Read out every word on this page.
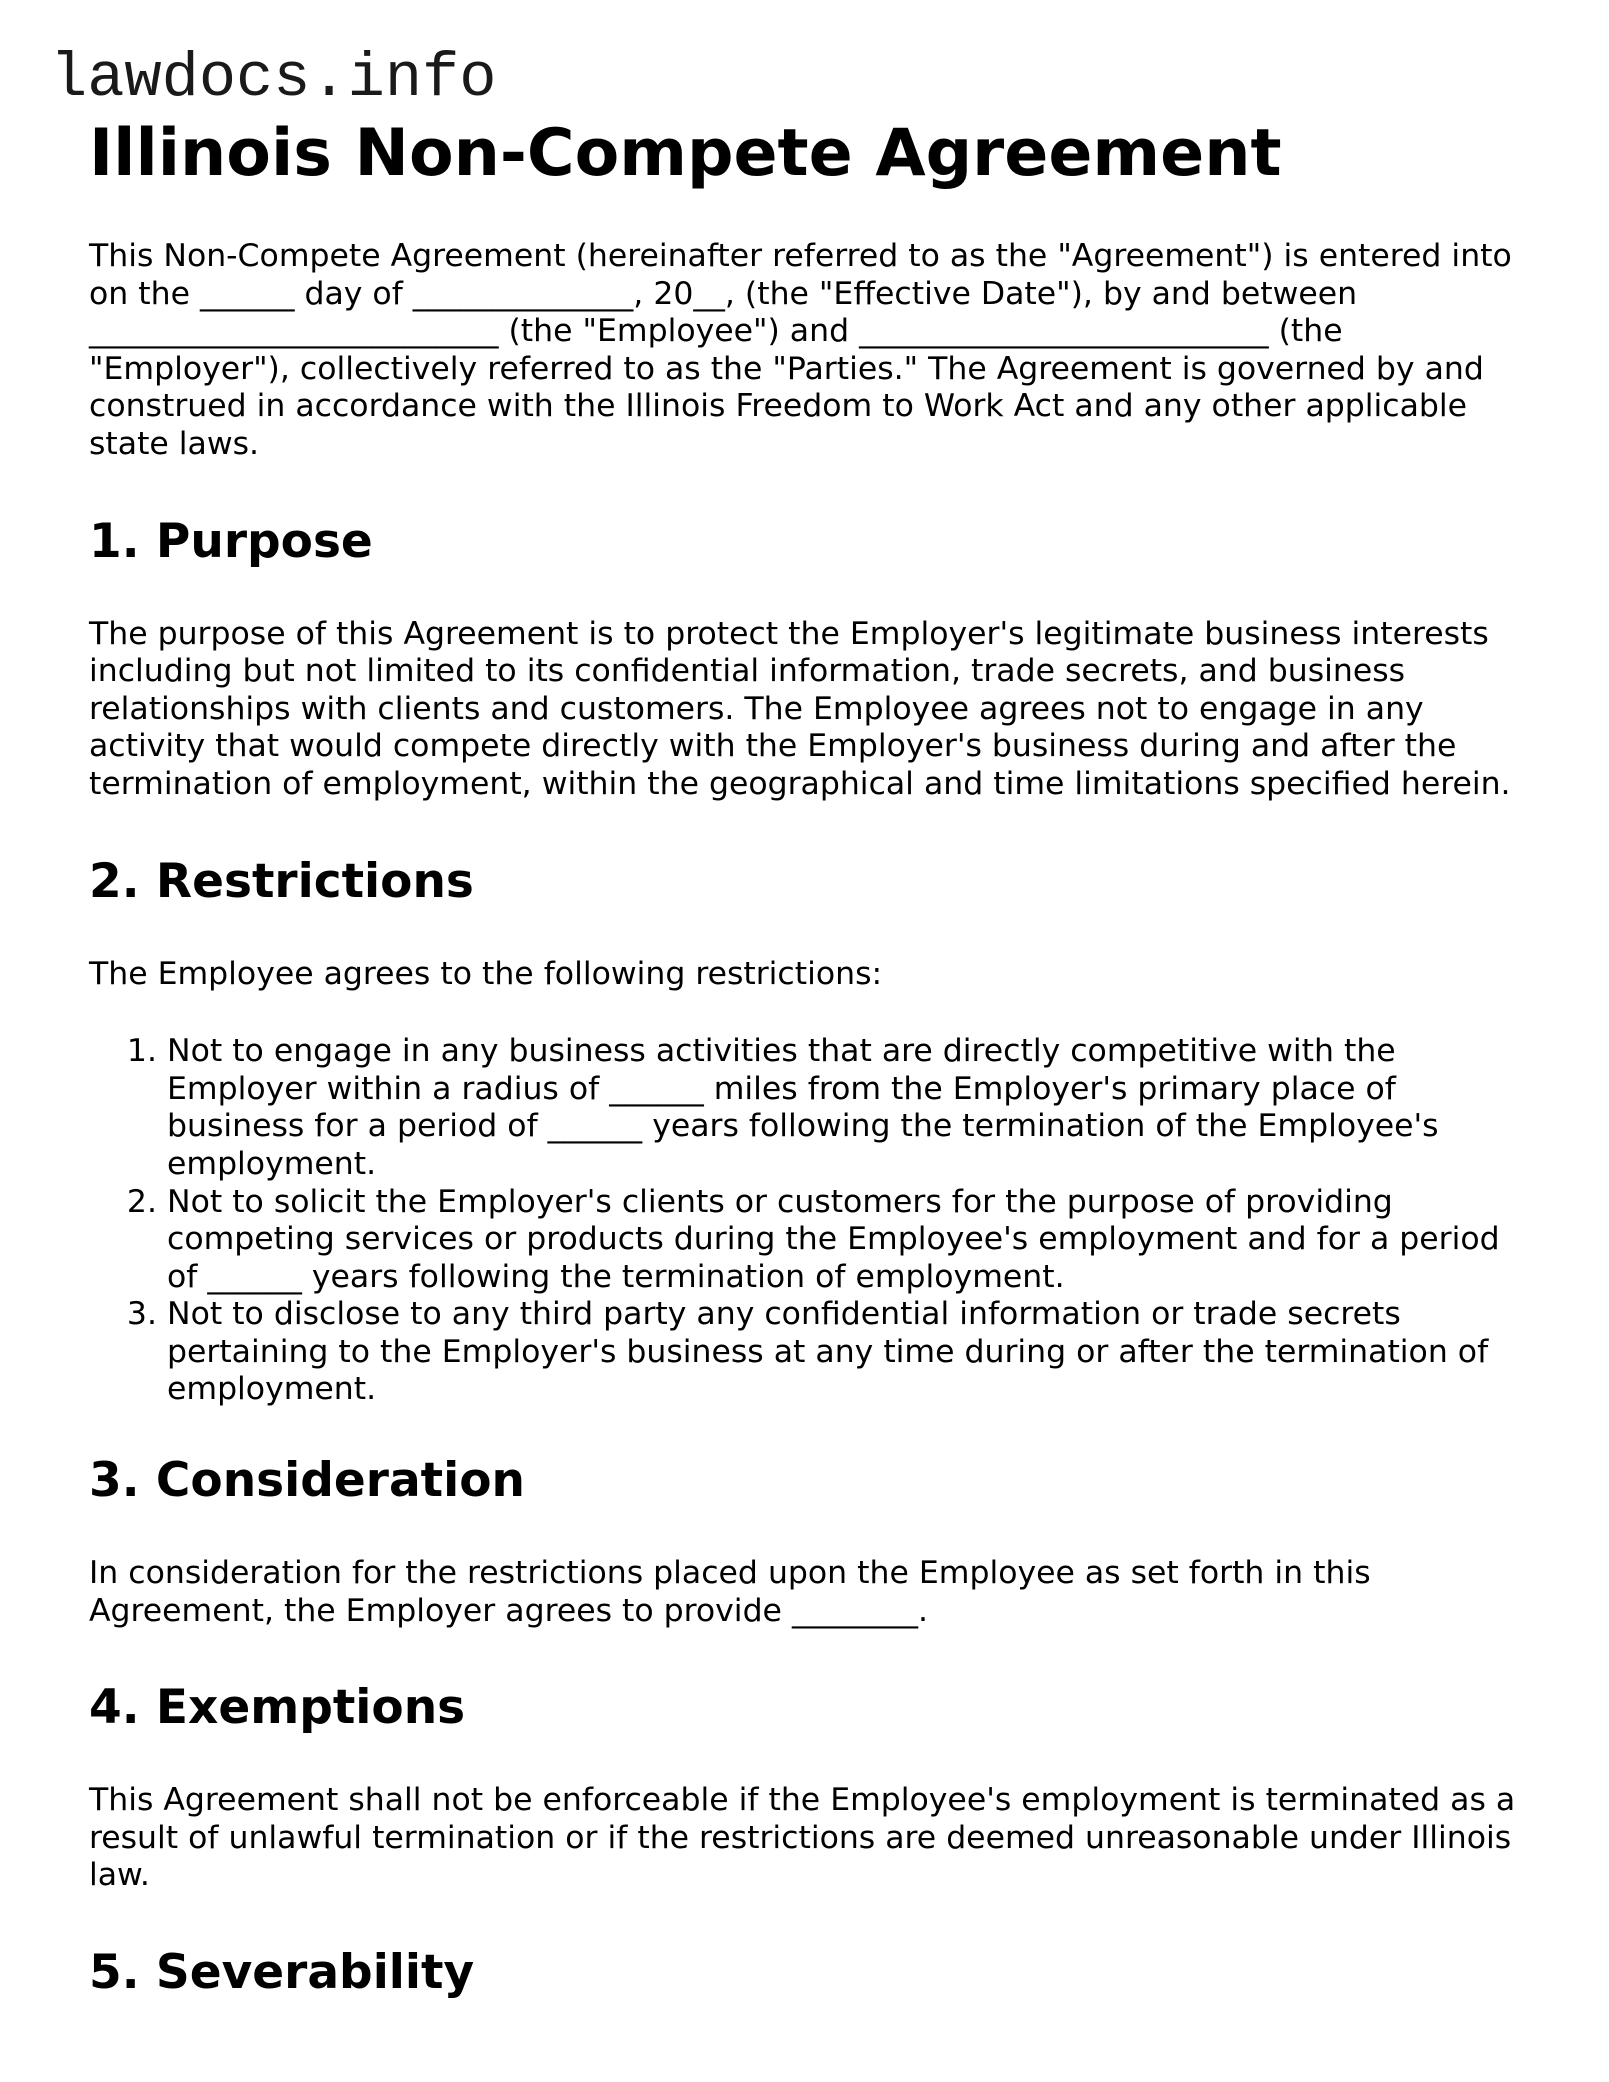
lawdocs.info
Illinois Non-Compete Agreement

This Non-Compete Agreement (hereinafter referred to as the "Agreement") is entered into on the ______ day of ______________, 20__, (the "Effective Date"), by and between __________________________ (the "Employee") and __________________________ (the "Employer"), collectively referred to as the "Parties." The Agreement is governed by and construed in accordance with the Illinois Freedom to Work Act and any other applicable state laws.

1. Purpose

The purpose of this Agreement is to protect the Employer's legitimate business interests including but not limited to its confidential information, trade secrets, and business relationships with clients and customers. The Employee agrees not to engage in any activity that would compete directly with the Employer's business during and after the termination of employment, within the geographical and time limitations specified herein.

2. Restrictions

The Employee agrees to the following restrictions:

1. Not to engage in any business activities that are directly competitive with the Employer within a radius of ______ miles from the Employer's primary place of business for a period of ______ years following the termination of the Employee's employment.
2. Not to solicit the Employer's clients or customers for the purpose of providing competing services or products during the Employee's employment and for a period of ______ years following the termination of employment.
3. Not to disclose to any third party any confidential information or trade secrets pertaining to the Employer's business at any time during or after the termination of employment.
3. Consideration

In consideration for the restrictions placed upon the Employee as set forth in this Agreement, the Employer agrees to provide ________.

4. Exemptions

This Agreement shall not be enforceable if the Employee's employment is terminated as a result of unlawful termination or if the restrictions are deemed unreasonable under Illinois law.

5. Severability
